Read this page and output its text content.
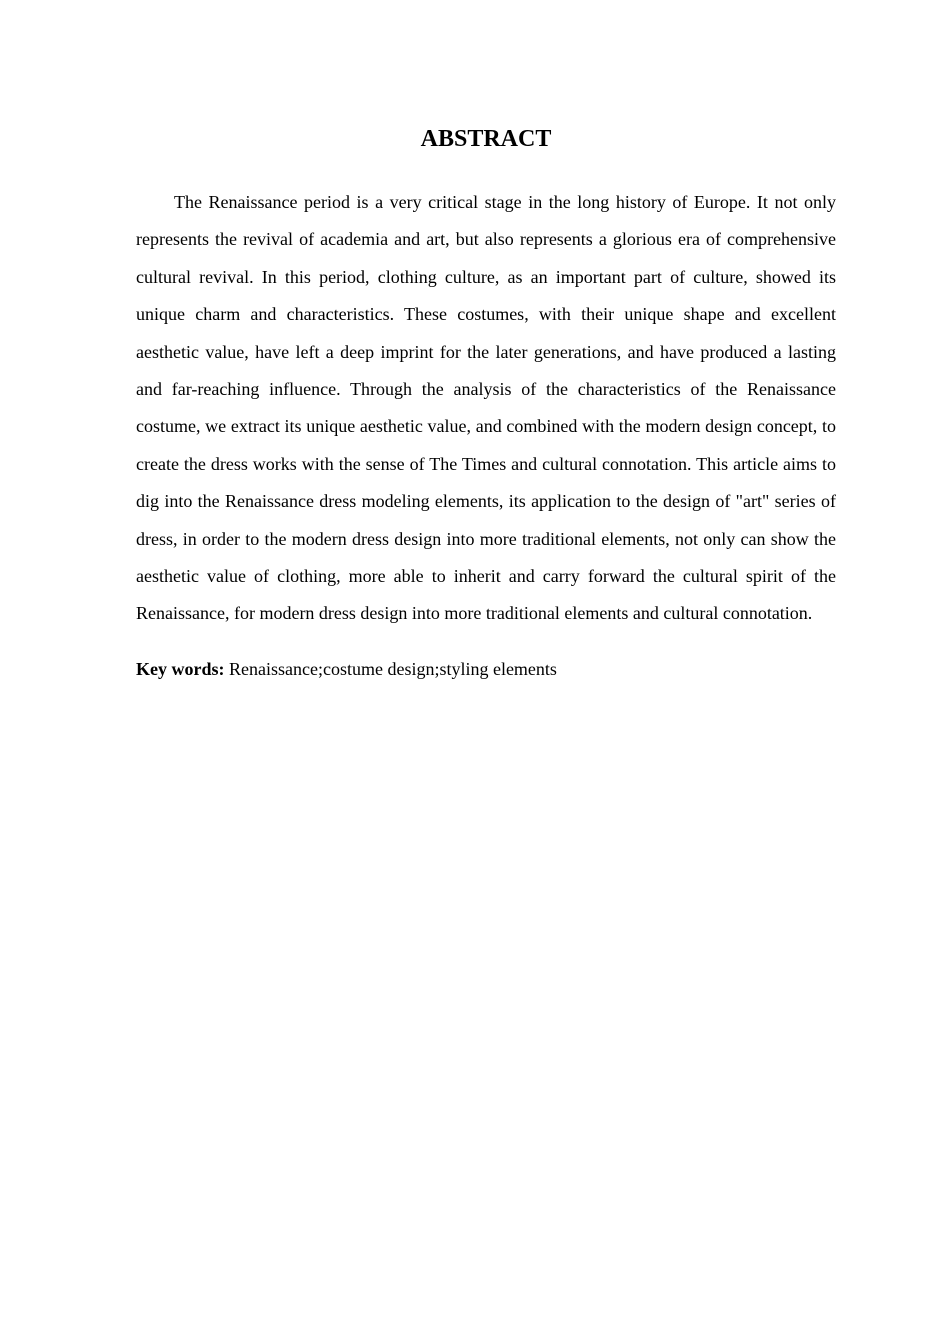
ABSTRACT

The Renaissance period is a very critical stage in the long history of Europe. It not only represents the revival of academia and art, but also represents a glorious era of comprehensive cultural revival. In this period, clothing culture, as an important part of culture, showed its unique charm and characteristics. These costumes, with their unique shape and excellent aesthetic value, have left a deep imprint for the later generations, and have produced a lasting and far-reaching influence. Through the analysis of the characteristics of the Renaissance costume, we extract its unique aesthetic value, and combined with the modern design concept, to create the dress works with the sense of The Times and cultural connotation. This article aims to dig into the Renaissance dress modeling elements, its application to the design of "art" series of dress, in order to the modern dress design into more traditional elements, not only can show the aesthetic value of clothing, more able to inherit and carry forward the cultural spirit of the Renaissance, for modern dress design into more traditional elements and cultural connotation.

Key words: Renaissance;costume design;styling elements
